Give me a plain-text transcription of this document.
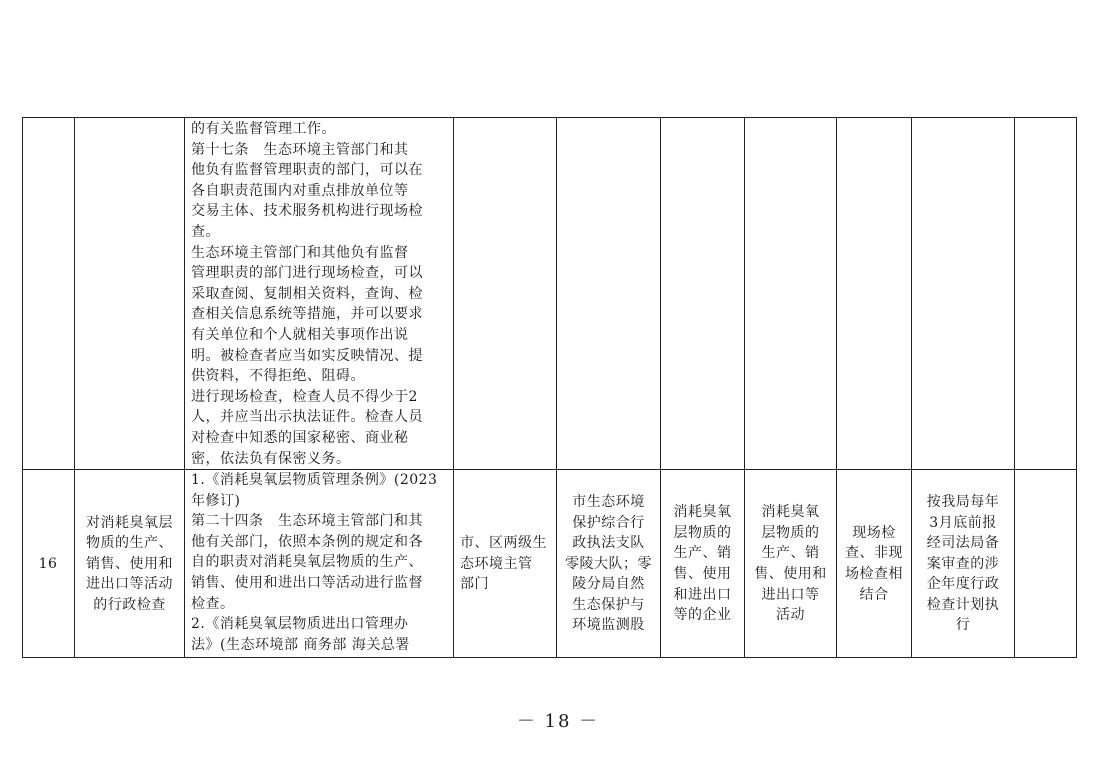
的有关监督管理工作。
第十七条　生态环境主管部门和其
他负有监督管理职责的部门，可以在
各自职责范围内对重点排放单位等
交易主体、技术服务机构进行现场检
查。
生态环境主管部门和其他负有监督
管理职责的部门进行现场检查，可以
采取查阅、复制相关资料，查询、检
查相关信息系统等措施，并可以要求
有关单位和个人就相关事项作出说
明。被检查者应当如实反映情况、提
供资料，不得拒绝、阻碍。
进行现场检查，检查人员不得少于2
人，并应当出示执法证件。检查人员
对检查中知悉的国家秘密、商业秘
密，依法负有保密义务。
16
对消耗臭氧层
物质的生产、
销售、使用和
进出口等活动
的行政检查
1.《消耗臭氧层物质管理条例》(2023
年修订)
第二十四条　生态环境主管部门和其
他有关部门，依照本条例的规定和各
自的职责对消耗臭氧层物质的生产、
销售、使用和进出口等活动进行监督
检查。
2.《消耗臭氧层物质进出口管理办
法》(生态环境部 商务部 海关总署
市、区两级生
态环境主管
部门
市生态环境
保护综合行
政执法支队
零陵大队；零
陵分局自然
生态保护与
环境监测股
消耗臭氧
层物质的
生产、销
售、使用
和进出口
等的企业
消耗臭氧
层物质的
生产、销
售、使用和
进出口等
活动
现场检
查、非现
场检查相
结合
按我局每年
3月底前报
经司法局备
案审查的涉
企年度行政
检查计划执
行
－ 18 －
